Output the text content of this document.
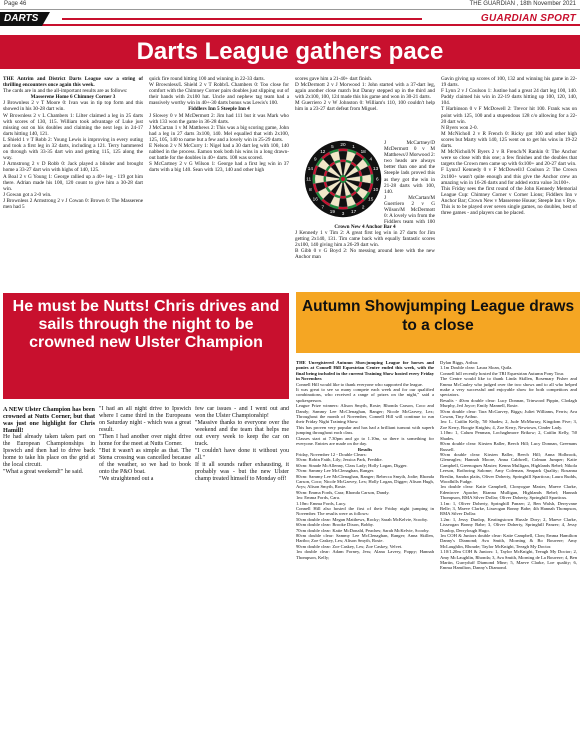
Page 46	THE GUARDIAN , 18th November 2021
DARTS	GUARDIAN SPORT
Darts League gathers pace

THE Antrim and District Darts League saw a string of thrilling encounters once again this week.

The cards are in and the all-important results are as follows:

Masserene Home 6 Chimney Corner 3

J Brownless 2 v T Moore 0: Ivan was in tip top form and this showed in his 30-28 dart win.

W Brownless 2 v L Chambers 1: Lilter claimed a leg in 25 darts with scores of 130, 115. William took advantage of Luke just missing out on his doubles and claiming the next legs in 24-17 darts hitting 140, 121.

L Shield 1 v T Robb 2: Young Lewis is improving in every outing and took a first leg in 32 darts, including a 121. Terry hammered on through with 33-35 dart win and getting 115, 125 along the way.

J Armstrong 2 v D Robb 0: Jack played a blinder and brought home a 33-27 dart win with highs of 140, 125.

A Boal 2 v G Young 1: George rallied up a 40+ leg - 119 got him there. Adrian made his 100, 120 count to give him a 30-28 dart win.

J Gowan got a 2-0 win.

J Brownless 2 Armstrong 2 v J Cowan 0: Brown 0: The Masserene men had 5

quick fire round hitting 100 and winning in 22-33 darts.

W Brownless/L Shield 2 v T Robb/L Chambers 0: Too close for comfort with the Chimney Corner pairs doubles just slipping out of their hands with 2x100 hat. Uncle and nephew tag team had a massively worthy win in 40+-30 darts bonus was Lewis's 100.

Fiddlers Inn 5 Steeple Inn 4

J Slowey 0 v M McDermott 2: Jim had 111 but it was Mark who with 133 won the game in 36-28 darts.

J McCartan 1 v M Matthews 2: This was a big scoring game, John had a leg in 27 darts 3x100, 140. Mel equalled that with 2x100, 125, 105, 140 to name but a few and a lovely win in 25-29 darts.

E Nelson 2 v N McCurry 1: Nigel had a 30 dart leg with 100, 140 nabbed in the process. Eamon took both his wins in a long drawn-out battle for the doubles in 40+ darts. 108 was scored.

S McCartney 2 v G Wilson 1: George had a first leg win in 37 darts with a big 140. Sean with 123, 140 and other high

scores gave him a 21-40+ dart finish.

D McDermott 2 v J Morwood 1: John started with a 37-dart leg, again another close match but Danny stepped up in the third and with 2x100, 100, 124 made this his game and won in 30-21 darts.

M Guerriero 2 v W Johnston 0: William's 110, 100 couldn't help him in a 23-27 dart defeat from Miguel.

J McCartney/D McDermott 0 v M Matthews/J Morwood 2: two heads are always better than one and the Steeple lads proved this as they got the win in 21-28 darts with 100, 140.

J McCartan/M Guerriero 2 v G Wilson/M McDermott 0: A lovely win from the Fiddlers team with 100

Crown New 4 Anchor Bar 4

J Kennedy 1 v Tim 2: A great first leg win in 27 darts for Jim getting 2x140, 131. Tim came back with equally fantastic scores 2x100, 140 giving him a 26-29 dart win.

B Gibb 0 v G Boyd 2: No messing around here with the new Anchor man

Gavin giving up scores of 100, 132 and winning his game in 22-19 darts.

F Lynn 2 v J Coulson 1: Justine had a great 24 dart leg 100, 140. Paddy claimed his win in 22-19 darts hitting up 100, 120, 140, 104.

T Harbinson 0 v F McDowell 2: Trevor hit 100. Frank was on point with 125, 100 and a stupendous 128 c/o allowing for a 22-20 dart win.

N Byers won 2-0.

M McNicholl 2 v R French 0: Ricky got 100 and other high scores but Marty with 140, 125 went on to get his wins in 19-22 darts.

M McNicholl/N Byers 2 v R French/N Rankin 0: The Anchor were so close with this one; a few finishes and the doubles that targets the Crown men came up with 6x100+ and 20-27 dart win.

F Lynn/J Kennedy 0 v F McDowell/J Coulson 2: The Crown 2x100+ wasn't quite enough and this give the Anchor crew an amazing win in 16-26 darts and for added extra value 3x100+.

This Friday sees the first round of the John Kennedy Memorial League Cup: Chimney Corner v Corner Lions; Fiddlers Inn v Anchor Bar; Crown New v Masserene House; Steeple Inn v Bye.

This is to be played over seven single games, no doubles, best of three games - and players can be placed.

20 1
18
4
13
6
10
15
2
17
3
19
7
16
8
11
14
9
12
5
He must be Nutts! Chris drives and sails through the night to be crowned new Ulster Champion

A NEW Ulster Champion has been crowned at Nutts Corner, but that was just one highlight for Chris Hamill!

He had already taken taken part on the European Championships in Ipswich and then had to drive back home to take his place on the grid at the local circuit.

"What a great weekend!" he said.

"I had an all night drive to Ipswich where I came third in the Europeans on Saturday night - which was a great result.

"Then I had another over night drive home for the meet at Nutts Corner.

"But it wasn't as simple as that. The Stena crossing was cancelled because of the weather, so we had to book onto the P&O boat.

"We straightened out a

few car issues - and I went out and won the Ulster Championship!

"Massive thanks to everyone over the weekend and the team that helps me out every week to keep the car on track.

"I couldn't have done it without you all."

If it all sounds rather exhausting, it probably was - but the new Ulster champ treated himself to Monday off!

Autumn Showjumping League draws to a close

THE Unregistered Autumn Showjumping League for horses and ponies at Connell Hill Equestrian Centre ended this week, with the final being included in the current Training Show hosted every Friday in November.

Connell Hill would like to thank everyone who supported the league.

It was great to see so many compete each week and for our qualified combinations, who received a range of prizes on the night," said a spokesperson.

League Prize winners: Alison Smyth, Rosie; Rhonda Carson, Coco and Dandy; Sammy Lee McClenaghan, Ranger; Nicole McGarvey, Lex; Throughout the month of November, Connell Hill will continue to run their Friday Night Training Show.

This has proven very popular and has had a brilliant turnout with superb jumping throughout each class.

Classes start at 7.30pm and go to 1.10m, so there is something for everyone. Entries are made on the day.

Results

Friday, November 12 - Double Clears:

50cm: Robin Faith, Lily; Jessica Park, Freddie.

60cm: Sinade McAllenny, Class Lady; Holly Logan, Digger.

70cm: Sammy Lee McClenaghan, Ranger.

80cm: Sammy Lee McClenaghan, Ranger; Rebecca Smyth, Jodie; Rhonda Carson, Coco; Nicole McGarvey, Lex; Holly Logan, Digger; Alison Hugh, Arys; Alison Smyth, Rosie.

90cm: Emma Fords, Cara; Rhonda Carson, Dandy.

1m: Emma Fords, Cara.

1.10m: Emma Fords, Lucy.

Connell Hill also hosted the first of their Friday night jumping in November. The results were as follows:

50cm double clear: Megan Matthews, Rocky; Sarah McKelvie, Scooby.

60cm double clear: Brooke Dixon, Bobby.

70cm double clear: Katie McDonald, Peaches; Sarah McKelvie, Scooby.

80cm double clear: Sammy Lee McClenaghan, Ranger; Anna Skillen, Haribo; Zoe Caskey, Lex; Alison Smyth, Rosie.

90cm double clear: Zoe Caskey, Lex; Zoe Caskey, Velvet.

1m double clear: Adam Forney, Jess; Alana Lavery, Poppy; Hannah Thompson, Kelly;

Dylan Biggs, Arthur.

1.1m Double clear: Laura Sloan, Quila.

Connell hill recently hosted the TRI Equestrian Autumn Pony Tour.

The Centre would like to thank Linda Skillen, Rosemary Fisher and Emma McCauley who judged over the two shows and to all who helped make a very successful and enjoyable show for both competitors and spectators.

Results - 40cm double clear: Lucy Donnan, Trinwood Pippin, Clodagh Murphy, Jed Joyce; Emily Mannell, Rosie.

50cm double clear: Tara McGarvey, Biggs; Juliet Williams, Ferris; Ava Cowan, Tiny Arthur.

1m: L. Caitlin Kelly, '50 Shades; 2, Jude McMurray, Kingdom Five; 3, Zoe Kerry, Boogie Knights; 4, Zoe Kerry, Newtown, Cinder Lady.

1.10m: 1, Calum Penman, Lochaghmore Brikow; 2, Caitlin Kelly, '50 Shades.

80cm double clear: Kirsten Baller, Beech Hill; Lucy Donnan, Greenans Russell.

90cm double clear: Kirsten Baller, Beech Hill; Anna Holbrook, Gleneagles; Hannah Moore, Anna Caldwell, Colman Jumper; Katie Campbell, Greenogues Master; Kenna Mulligan, Highlands Rebel; Nikola Leeson, Rothwing Salome; Amy Coleman, Seapark Quality; Rosanna Breslin, Sandra plaits, Oliver Doherty, Springhill Sparticus; Laura Rudds, Woodhills Fudge.

1m double clear: Katie Campbell, Clonyogue Master, Maeve Clarke, Edentrove Apache; Rianna Mulligan, Highlands Rebel; Hannah Thompson, RMA Silver Dollar; Oliver Doherty, Springhill Sparticus.

1.1m: 1, Oliver Doherty, Springhill Panzer; 2, Ben Walsh, Derryvane Belle; 3, Maeve Clarke, Lisseogan Bonny Babe; 4th Hannah Thompson, RMA Silver Dollar.

1.2m: 1, Jessy Dunlop, Keatingstown Hussle Dory; 2, Maeve Clarke, Lisseogan Bonny Babe; 3, Oliver Doherty, Springhill Panzer; 4, Jessy Dunlop, Derrylough Hugo.

1m COH & Juniors double clear: Katie Campbell, Clon; Emma Hamilton Danny's Diamond; Ava Smith, Morning & Bo Bouvere; Amy McLaughlin, Rhoude; Taylor McKnight, Teeagh My Doctor.

1.10/1.20m COH & Juniors: 1, Taylor McKnight, Teeagh My Doctor; 2, Amy McLaughlin, Rhonda; 3, Ava Smith, Morning de La Bouvere; 4, Ben Martin, Gurryduff Diamond Mine; 5, Maeve Clarke, Loe quality; 6, Emma Hamilton, Danny's Diamond.
